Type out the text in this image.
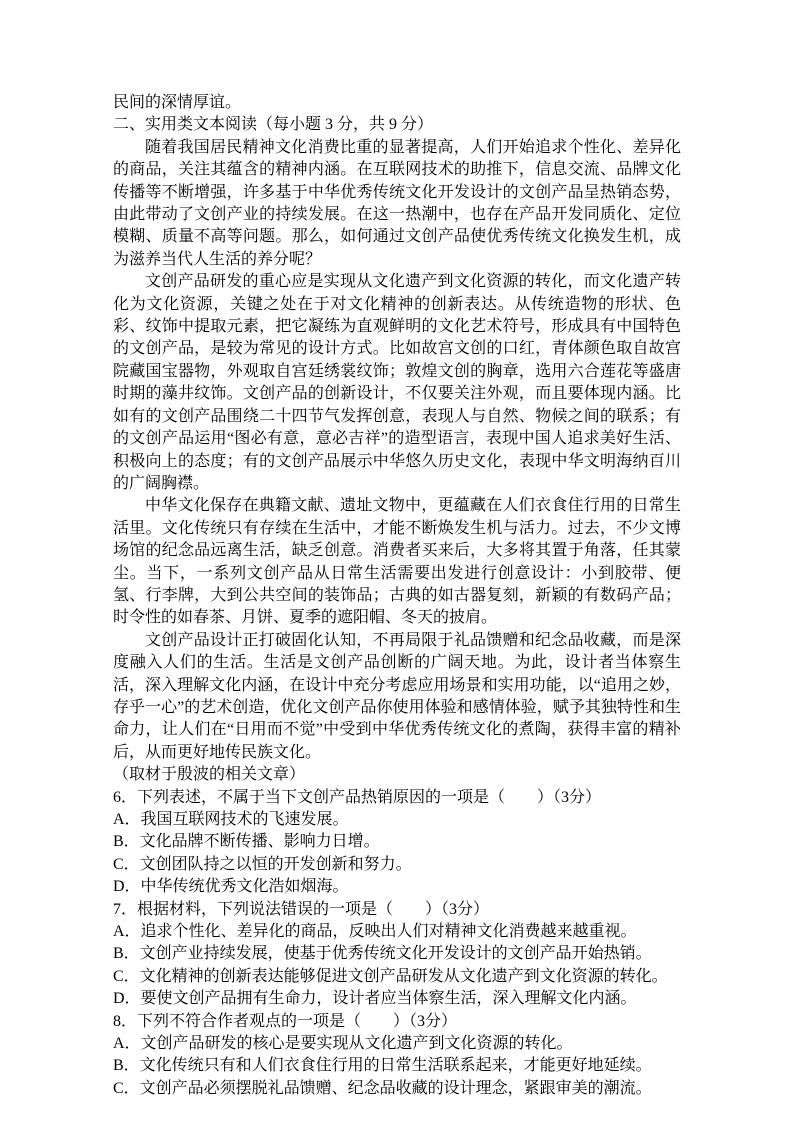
民间的深情厚谊。

二、实用类文本阅读（每小题 3 分，共 9 分）

随着我国居民精神文化消费比重的显著提高，人们开始追求个性化、差异化的商品，关注其蕴含的精神内涵。在互联网技术的助推下，信息交流、品牌文化传播等不断增强，许多基于中华优秀传统文化开发设计的文创产品呈热销态势，由此带动了文创产业的持续发展。在这一热潮中，也存在产品开发同质化、定位模糊、质量不高等问题。那么，如何通过文创产品使优秀传统文化换发生机，成为滋养当代人生活的养分呢？

文创产品研发的重心应是实现从文化遗产到文化资源的转化，而文化遗产转化为文化资源，关键之处在于对文化精神的创新表达。从传统造物的形状、色彩、纹饰中提取元素，把它凝练为直观鲜明的文化艺术符号，形成具有中国特色的文创产品，是较为常见的设计方式。比如故宫文创的口红，青体颜色取自故宫院藏国宝器物，外观取自宫廷绣裳纹饰；敦煌文创的胸章，选用六合莲花等盛唐时期的藻井纹饰。文创产品的创新设计，不仅要关注外观，而且要体现内涵。比如有的文创产品围绕二十四节气发挥创意，表现人与自然、物候之间的联系；有的文创产品运用“图必有意，意必吉祥”的造型语言，表现中国人追求美好生活、积极向上的态度；有的文创产品展示中华悠久历史文化，表现中华文明海纳百川的广阔胸襟。

中华文化保存在典籍文献、遗址文物中，更蕴藏在人们衣食住行用的日常生活里。文化传统只有存续在生活中，才能不断焕发生机与活力。过去，不少文博场馆的纪念品远离生活，缺乏创意。消费者买来后，大多将其置于角落，任其蒙尘。当下，一系列文创产品从日常生活需要出发进行创意设计：小到胶带、便氢、行李牌，大到公共空间的装饰品；古典的如古器复刻，新颖的有数码产品；时令性的如春茶、月饼、夏季的遮阳帽、冬天的披肩。

文创产品设计正打破固化认知，不再局限于礼品馈赠和纪念品收藏，而是深度融入人们的生活。生活是文创产品创断的广阔天地。为此，设计者当体察生活，深入理解文化内涵，在设计中充分考虑应用场景和实用功能，以“追用之妙，存乎一心”的艺术创造，优化文创产品你使用体验和感情体验，赋予其独特性和生命力，让人们在“日用而不觉”中受到中华优秀传统文化的煮陶，获得丰富的精补后，从而更好地传民族文化。

（取材于殷波的相关文章）

6．下列表述，不属于当下文创产品热销原因的一项是（　　）（3分）

A．我国互联网技术的飞速发展。

B．文化品牌不断传播、影响力日增。

C．文创团队持之以恒的开发创新和努力。

D．中华传统优秀文化浩如烟海。

7．根据材料，下列说法错误的一项是（　　）（3分）

A．追求个性化、差异化的商品，反映出人们对精神文化消费越来越重视。

B．文创产业持续发展，使基于优秀传统文化开发设计的文创产品开始热销。

C．文化精神的创新表达能够促进文创产品研发从文化遗产到文化资源的转化。

D．要使文创产品拥有生命力，设计者应当体察生活，深入理解文化内涵。

8．下列不符合作者观点的一项是（　　）（3分）

A．文创产品研发的核心是要实现从文化遗产到文化资源的转化。

B．文化传统只有和人们衣食住行用的日常生活联系起来，才能更好地延续。

C．文创产品必须摆脱礼品馈赠、纪念品收藏的设计理念，紧跟审美的潮流。
